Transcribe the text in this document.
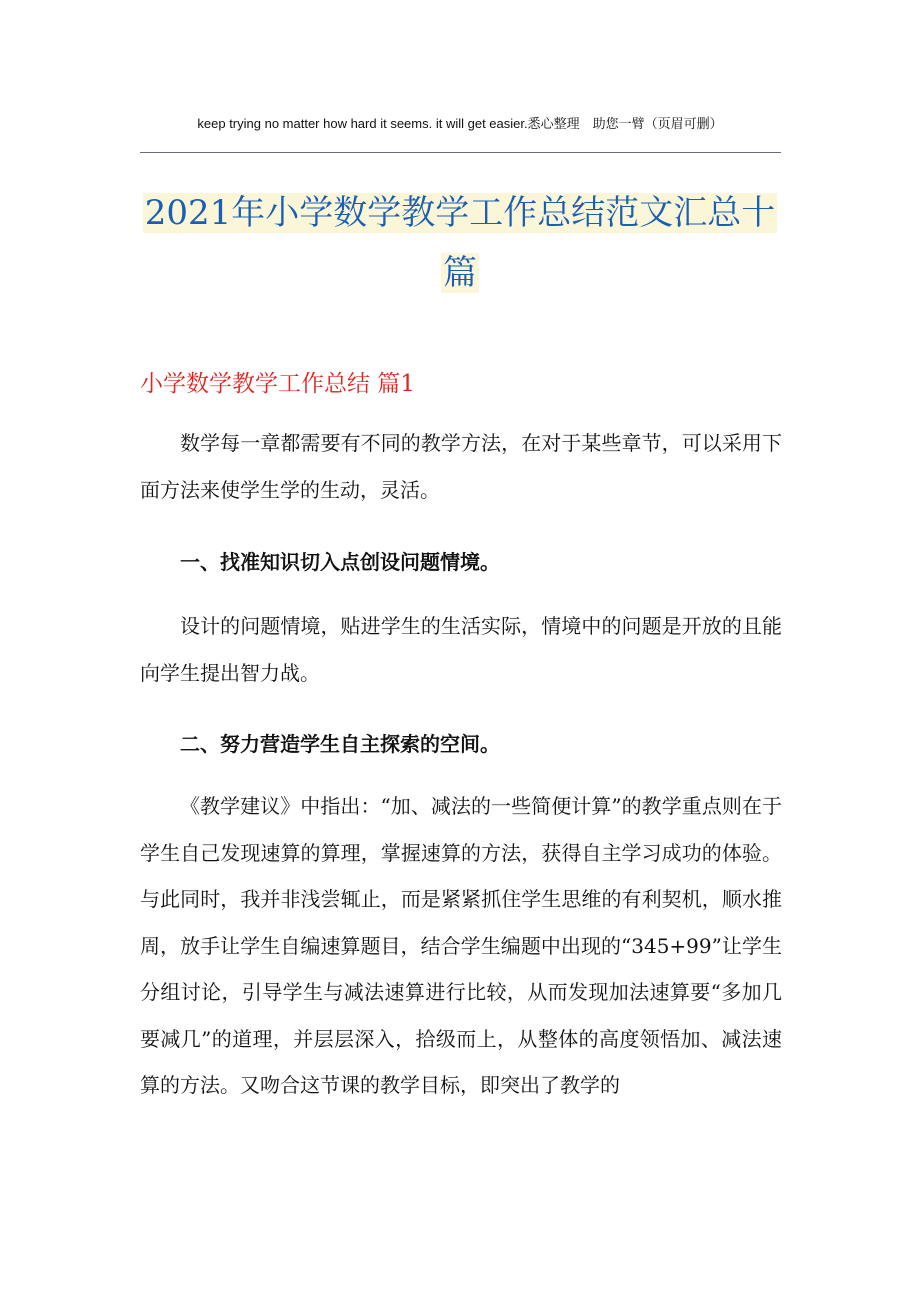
keep trying no matter how hard it seems. it will get easier.悉心整理　助您一臂（页眉可删）
2021年小学数学教学工作总结范文汇总十
篇
小学数学教学工作总结 篇1
数学每一章都需要有不同的教学方法，在对于某些章节，可以采用下面方法来使学生学的生动，灵活。
一、找准知识切入点创设问题情境。
设计的问题情境，贴进学生的生活实际，情境中的问题是开放的且能向学生提出智力战。
二、努力营造学生自主探索的空间。
《教学建议》中指出：“加、减法的一些简便计算”的教学重点则在于学生自己发现速算的算理，掌握速算的方法，获得自主学习成功的体验。与此同时，我并非浅尝辄止，而是紧紧抓住学生思维的有利契机，顺水推周，放手让学生自编速算题目，结合学生编题中出现的“345+99”让学生分组讨论，引导学生与减法速算进行比较，从而发现加法速算要“多加几要减几”的道理，并层层深入，拾级而上，从整体的高度领悟加、减法速算的方法。又吻合这节课的教学目标，即突出了教学的
